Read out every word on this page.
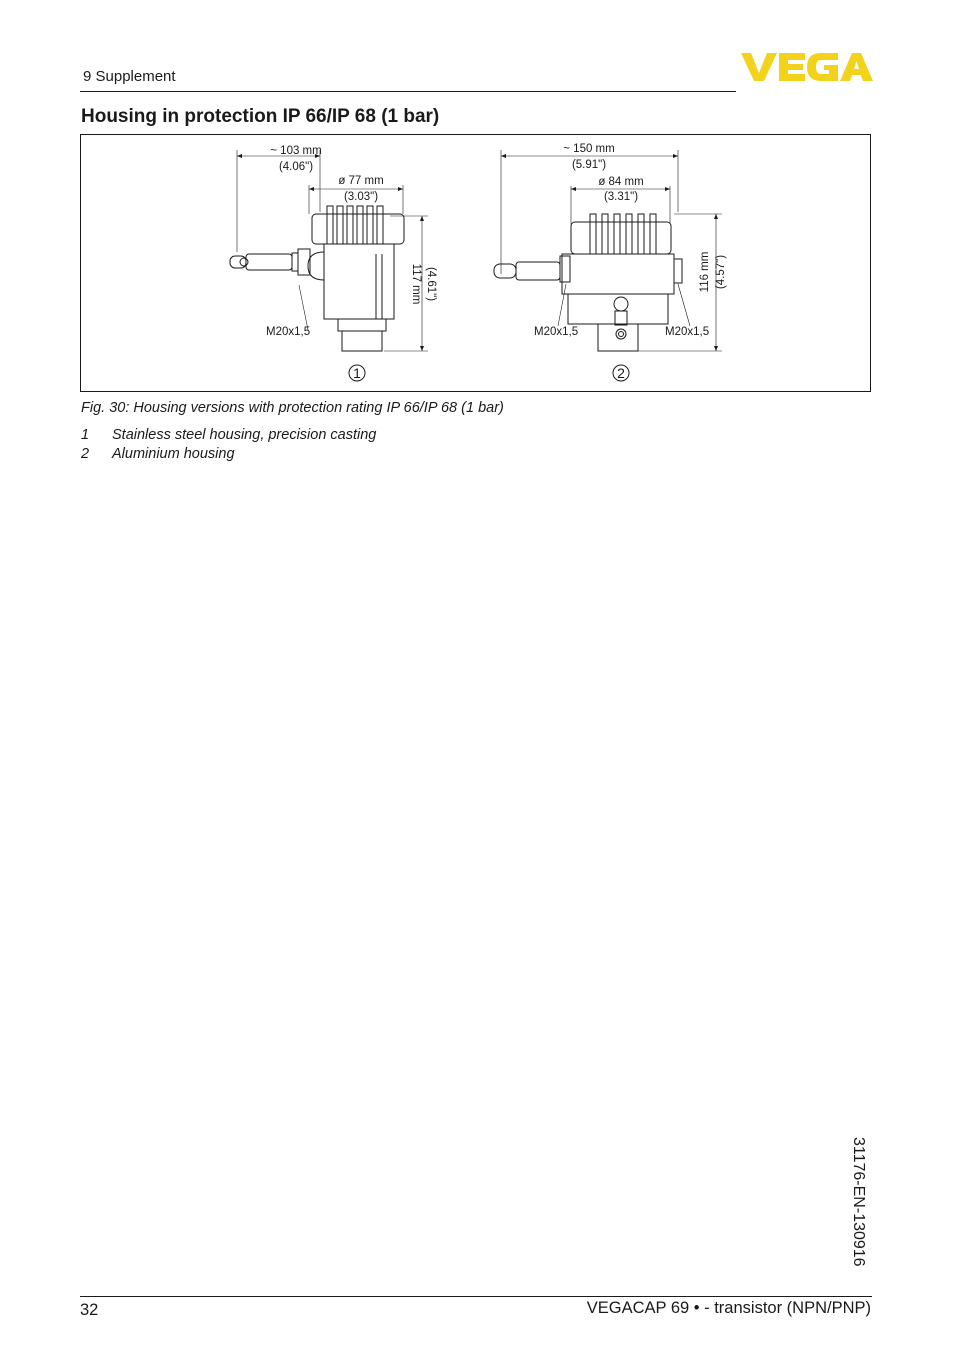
9 Supplement
Housing in protection IP 66/IP 68 (1 bar)
~ 103 mm
(4.06")
ø 77 mm
(3.03")
117 mm (4.61")
M20x1,5
1
~ 150 mm
(5.91")
ø 84 mm
(3.31")
116 mm (4.57")
M20x1,5	M20x1,5
2
Fig. 30: Housing versions with protection rating IP 66/IP 68 (1 bar)
1 Stainless steel housing, precision casting
2 Aluminium housing
31176-EN-130916
32	VEGACAP 69 • - transistor (NPN/PNP)
